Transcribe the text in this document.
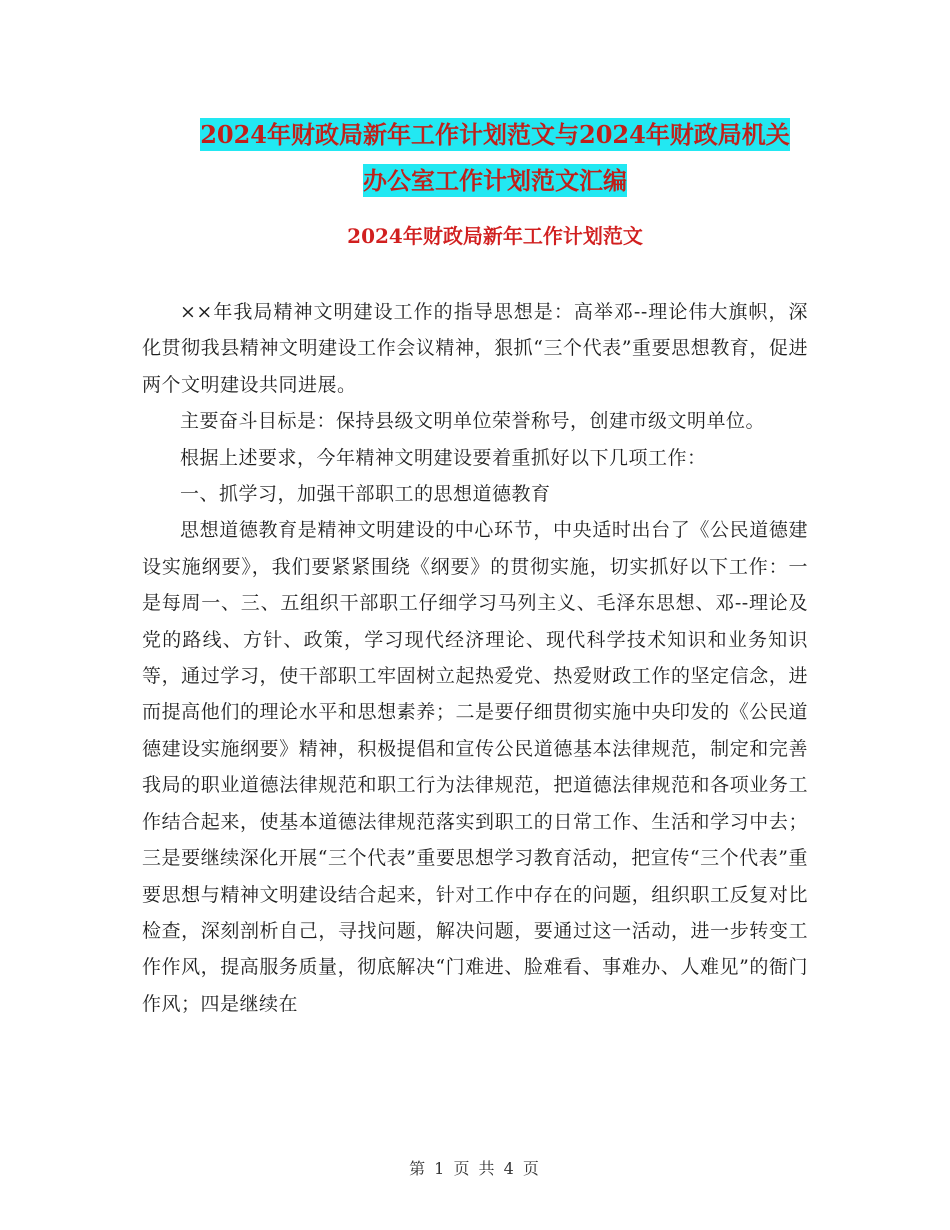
2024年财政局新年工作计划范文与2024年财政局机关
办公室工作计划范文汇编
2024年财政局新年工作计划范文

××年我局精神文明建设工作的指导思想是：高举邓--理论伟大旗帜，深化贯彻我县精神文明建设工作会议精神，狠抓“三个代表”重要思想教育，促进两个文明建设共同进展。

主要奋斗目标是：保持县级文明单位荣誉称号，创建市级文明单位。

根据上述要求，今年精神文明建设要着重抓好以下几项工作：

一、抓学习，加强干部职工的思想道德教育

思想道德教育是精神文明建设的中心环节，中央适时出台了《公民道德建设实施纲要》，我们要紧紧围绕《纲要》的贯彻实施，切实抓好以下工作：一是每周一、三、五组织干部职工仔细学习马列主义、毛泽东思想、邓--理论及党的路线、方针、政策，学习现代经济理论、现代科学技术知识和业务知识等，通过学习，使干部职工牢固树立起热爱党、热爱财政工作的坚定信念，进而提高他们的理论水平和思想素养；二是要仔细贯彻实施中央印发的《公民道德建设实施纲要》精神，积极提倡和宣传公民道德基本法律规范，制定和完善我局的职业道德法律规范和职工行为法律规范，把道德法律规范和各项业务工作结合起来，使基本道德法律规范落实到职工的日常工作、生活和学习中去；三是要继续深化开展“三个代表”重要思想学习教育活动，把宣传“三个代表”重要思想与精神文明建设结合起来，针对工作中存在的问题，组织职工反复对比检查，深刻剖析自己，寻找问题，解决问题，要通过这一活动，进一步转变工作作风，提高服务质量，彻底解决“门难进、脸难看、事难办、人难见”的衙门作风；四是继续在

第 1 页 共 4 页
